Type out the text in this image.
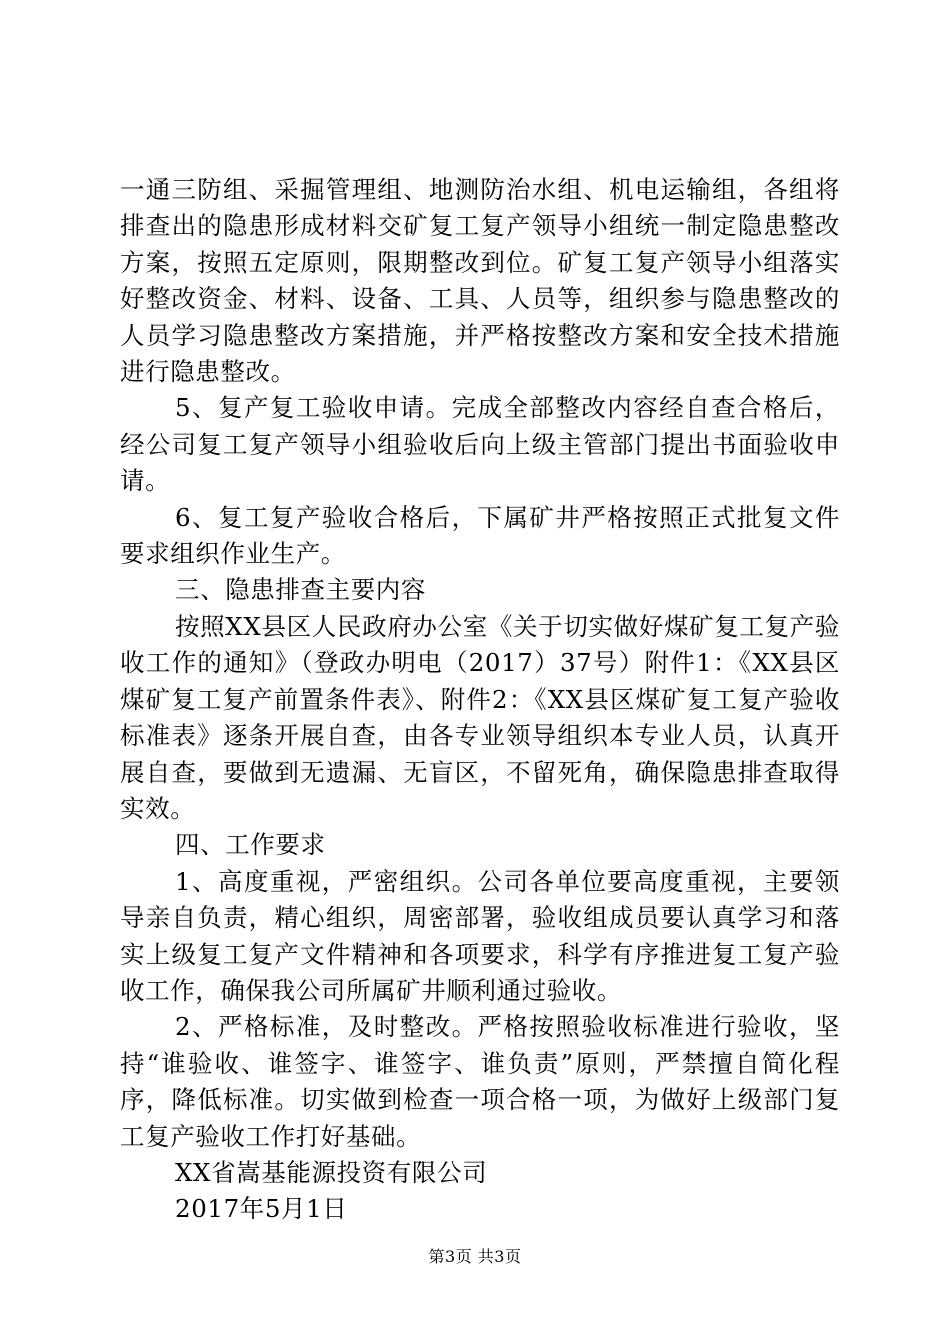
一通三防组、采掘管理组、地测防治水组、机电运输组，各组将排查出的隐患形成材料交矿复工复产领导小组统一制定隐患整改方案，按照五定原则，限期整改到位。矿复工复产领导小组落实好整改资金、材料、设备、工具、人员等，组织参与隐患整改的人员学习隐患整改方案措施，并严格按整改方案和安全技术措施进行隐患整改。

5、复产复工验收申请。完成全部整改内容经自查合格后，经公司复工复产领导小组验收后向上级主管部门提出书面验收申请。

6、复工复产验收合格后，下属矿井严格按照正式批复文件要求组织作业生产。

三、隐患排查主要内容

按照XX县区人民政府办公室《关于切实做好煤矿复工复产验收工作的通知》（登政办明电（2017）37号）附件1：《XX县区煤矿复工复产前置条件表》、附件2：《XX县区煤矿复工复产验收标准表》逐条开展自查，由各专业领导组织本专业人员，认真开展自查，要做到无遗漏、无盲区，不留死角，确保隐患排查取得实效。

四、工作要求

1、高度重视，严密组织。公司各单位要高度重视，主要领导亲自负责，精心组织，周密部署，验收组成员要认真学习和落实上级复工复产文件精神和各项要求，科学有序推进复工复产验收工作，确保我公司所属矿井顺利通过验收。

2、严格标准，及时整改。严格按照验收标准进行验收，坚持“谁验收、谁签字、谁签字、谁负责”原则，严禁擅自简化程序，降低标准。切实做到检查一项合格一项，为做好上级部门复工复产验收工作打好基础。

XX省嵩基能源投资有限公司

2017年5月1日

第3页 共3页
